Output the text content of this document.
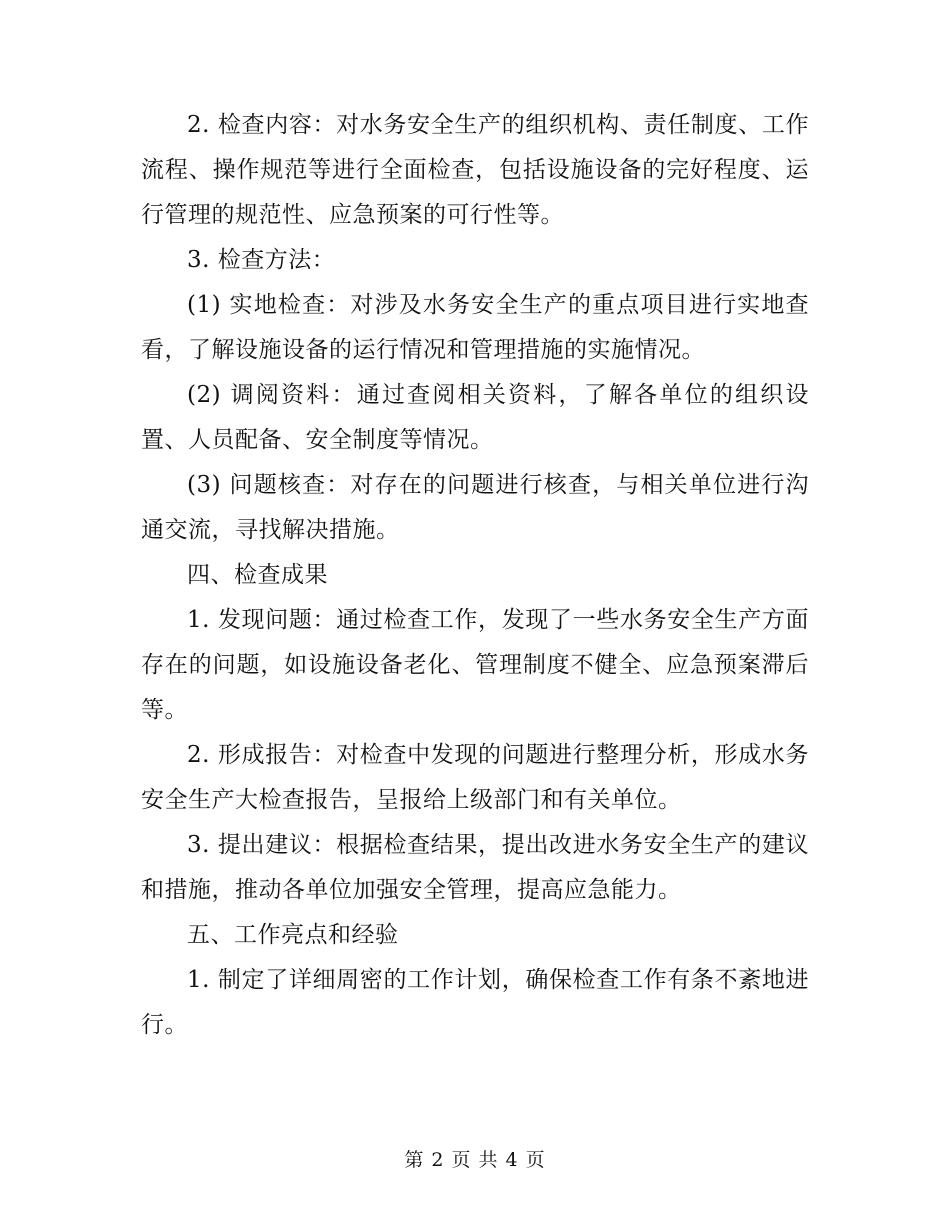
2. 检查内容：对水务安全生产的组织机构、责任制度、工作流程、操作规范等进行全面检查，包括设施设备的完好程度、运行管理的规范性、应急预案的可行性等。

3. 检查方法：

(1) 实地检查：对涉及水务安全生产的重点项目进行实地查看，了解设施设备的运行情况和管理措施的实施情况。

(2) 调阅资料：通过查阅相关资料，了解各单位的组织设置、人员配备、安全制度等情况。

(3) 问题核查：对存在的问题进行核查，与相关单位进行沟通交流，寻找解决措施。

四、检查成果

1. 发现问题：通过检查工作，发现了一些水务安全生产方面存在的问题，如设施设备老化、管理制度不健全、应急预案滞后等。

2. 形成报告：对检查中发现的问题进行整理分析，形成水务安全生产大检查报告，呈报给上级部门和有关单位。

3. 提出建议：根据检查结果，提出改进水务安全生产的建议和措施，推动各单位加强安全管理，提高应急能力。

五、工作亮点和经验

1. 制定了详细周密的工作计划，确保检查工作有条不紊地进行。

第 2 页 共 4 页
